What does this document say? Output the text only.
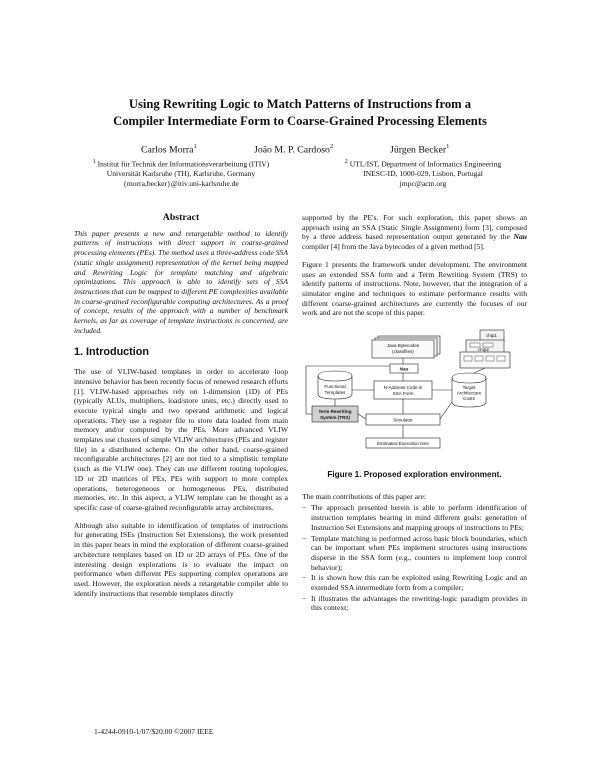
Using Rewriting Logic to Match Patterns of Instructions from a
Compiler Intermediate Form to Coarse-Grained Processing Elements
Carlos Morra$^1$	João M. P. Cardoso$^2$	Jürgen Becker$^1$
$^1$ Institut für Technik der Informationsverarbeitung (ITIV)
Universität Karlsruhe (TH), Karlsruhe, Germany
{morra,becker}@itiv.uni-karlsruhe.de
$^2$ UTL/IST, Department of Informatics Engineering
INESC-ID, 1000-029, Lisbon, Portugal
jmpc@acm.org
Abstract

This paper presents a new and retargetable method to identify patterns of instructions with direct support in coarse-grained processing elements (PEs). The method uses a three-address code SSA (static single assignment) representation of the kernel being mapped and Rewriting Logic for template matching and algebraic optimizations. This approach is able to identify sets of SSA instructions that can be mapped to different PE complexities available in coarse-grained reconfigurable computing architectures. As a proof of concept, results of the approach with a number of benchmark kernels, as far as coverage of template instructions is concerned, are included.

1. Introduction

The use of VLIW-based templates in order to accelerate loop intensive behavior has been recently focus of renewed research efforts [1]. VLIW-based approaches rely on 1-dimension (1D) of PEs (typically ALUs, multipliers, load/store units, etc.) directly used to execute typical single and two operand arithmetic and logical operations. They use a register file to store data loaded from main memory and/or computed by the PEs. More advanced VLIW templates use clusters of simple VLIW architectures (PEs and register file) in a distributed scheme. On the other hand, coarse-grained reconfigurable architectures [2] are not tied to a simplistic template (such as the VLIW one). They can use different routing topologies, 1D or 2D matrices of PEs, PEs with support to more complex operations, heterogeneous or homogeneous PEs, distributed memories, etc. In this aspect, a VLIW template can be thought as a specific case of coarse-grained reconfigurable array architectures.

Although also suitable to identification of templates of instructions for generating ISEs (Instruction Set Extensions), the work presented in this paper bears in mind the exploration of different coarse-grained architecture templates based on 1D or 2D arrays of PEs. One of the interesting design explorations is to evaluate the impact on performance when different PEs supporting complex operations are used. However, the exploration needs a retargetable compiler able to identify instructions that resemble templates directly

supported by the PE's. For such exploration, this paper shows an approach using an SSA (Static Single Assignment) form [3], composed by a three address based representation output generated by the Nau compiler [4] from the Java bytecodes of a given method [5].

Figure 1 presents the framework under development. The environment uses an extended SSA form and a Term Rewriting System (TRS) to identify patterns of instructions. Note, however, that the integration of a simulator engine and techniques to estimate performance results with different coarse-grained architectures are currently the focuses of our work and are not the scope of this paper.

chip1
chip2
Java Bytecodes
(classfiles)
Nau
Functional
Templates
N-Address Code in
SSA Form
Target
Architecture
Costs
Term Rewriting
System (TRS)	Simulator
Estimated Execution time
Figure 1. Proposed exploration environment.

The main contributions of this paper are:

− The approach presented herein is able to perform identification of instruction templates bearing in mind different goals: generation of Instruction Set Extensions and mapping groups of instructions to PEs;
− Template matching is performed across basic block boundaries, which can be important when PEs implement structures using instructions disperse in the SSA form (e.g., counters to implement loop control behavior);
− It is shown how this can be exploited using Rewriting Logic and an extended SSA intermediate form from a compiler;
− It illustrates the advantages the rewriting-logic paradigm provides in this context;
1-4244-0910-1/07/$20.00 ©2007 IEEE
